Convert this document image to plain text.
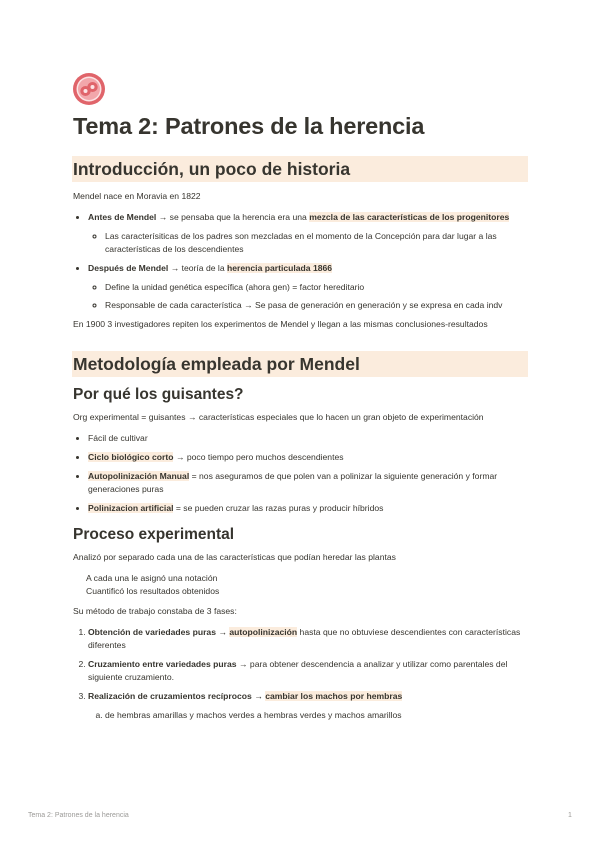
Tema 2: Patrones de la herencia
Introducción, un poco de historia

Mendel nace en Moravia en 1822

• Antes de Mendel → se pensaba que la herencia era una mezcla de las características de los progenitores
◦ Las caracterísiticas de los padres son mezcladas en el momento de la Concepción para dar lugar a las características de los descendientes
• Después de Mendel → teoría de la herencia particulada 1866
◦ Define la unidad genética específica (ahora gen) = factor hereditario
◦ Responsable de cada característica → Se pasa de generación en generación y se expresa en cada indv

En 1900 3 investigadores repiten los experimentos de Mendel y llegan a las mismas conclusiones-resultados

Metodología empleada por Mendel
Por qué los guisantes?

Org experimental = guisantes → características especiales que lo hacen un gran objeto de experimentación

• Fácil de cultivar
• Ciclo biológico corto → poco tiempo pero muchos descendientes
• Autopolinización Manual = nos aseguramos de que polen van a polinizar la siguiente generación y formar generaciones puras
• Polinizacion artificial = se pueden cruzar las razas puras y producir híbridos
Proceso experimental

Analizó por separado cada una de las características que podían heredar las plantas

A cada una le asignó una notación
Cuantificó los resultados obtenidos

Su método de trabajo constaba de 3 fases:

1. Obtención de variedades puras → autopolinización hasta que no obtuviese descendientes con características diferentes
2. Cruzamiento entre variedades puras → para obtener descendencia a analizar y utilizar como parentales del siguiente cruzamiento.
3. Realización de cruzamientos recíprocos → cambiar los machos por hembras
a. de hembras amarillas y machos verdes a hembras verdes y machos amarillos
Tema 2: Patrones de la herencia	1
